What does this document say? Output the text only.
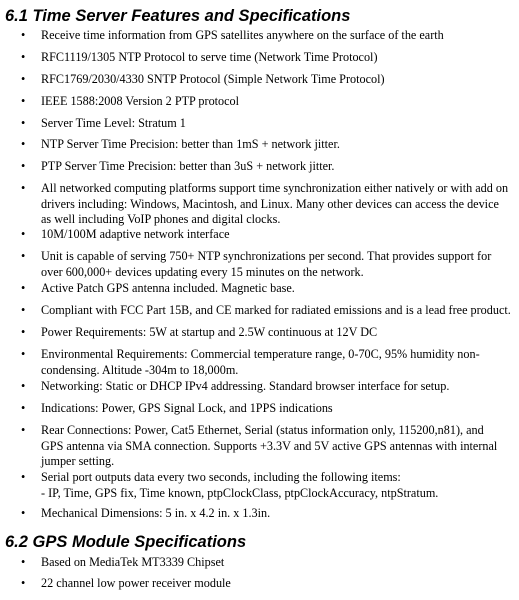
6.1 Time Server Features and Specifications
• Receive time information from GPS satellites anywhere on the surface of the earth
• RFC1119/1305 NTP Protocol to serve time (Network Time Protocol)
• RFC1769/2030/4330 SNTP Protocol (Simple Network Time Protocol)
• IEEE 1588:2008 Version 2 PTP protocol
• Server Time Level: Stratum 1
• NTP Server Time Precision: better than 1mS + network jitter.
• PTP Server Time Precision: better than 3uS + network jitter.
• All networked computing platforms support time synchronization either natively or with add on
drivers including: Windows, Macintosh, and Linux. Many other devices can access the device
as well including VoIP phones and digital clocks.
• 10M/100M adaptive network interface
• Unit is capable of serving 750+ NTP synchronizations per second. That provides support for
over 600,000+ devices updating every 15 minutes on the network.
• Active Patch GPS antenna included. Magnetic base.
• Compliant with FCC Part 15B, and CE marked for radiated emissions and is a lead free product.
• Power Requirements: 5W at startup and 2.5W continuous at 12V DC
• Environmental Requirements: Commercial temperature range, 0-70C, 95% humidity non-
condensing. Altitude -304m to 18,000m.
• Networking: Static or DHCP IPv4 addressing. Standard browser interface for setup.
• Indications: Power, GPS Signal Lock, and 1PPS indications
• Rear Connections: Power, Cat5 Ethernet, Serial (status information only, 115200,n81), and
GPS antenna via SMA connection. Supports +3.3V and 5V active GPS antennas with internal
jumper setting.
• Serial port outputs data every two seconds, including the following items:
- IP, Time, GPS fix, Time known, ptpClockClass, ptpClockAccuracy, ntpStratum.
• Mechanical Dimensions: 5 in. x 4.2 in. x 1.3in.
6.2 GPS Module Specifications
• Based on MediaTek MT3339 Chipset
• 22 channel low power receiver module
